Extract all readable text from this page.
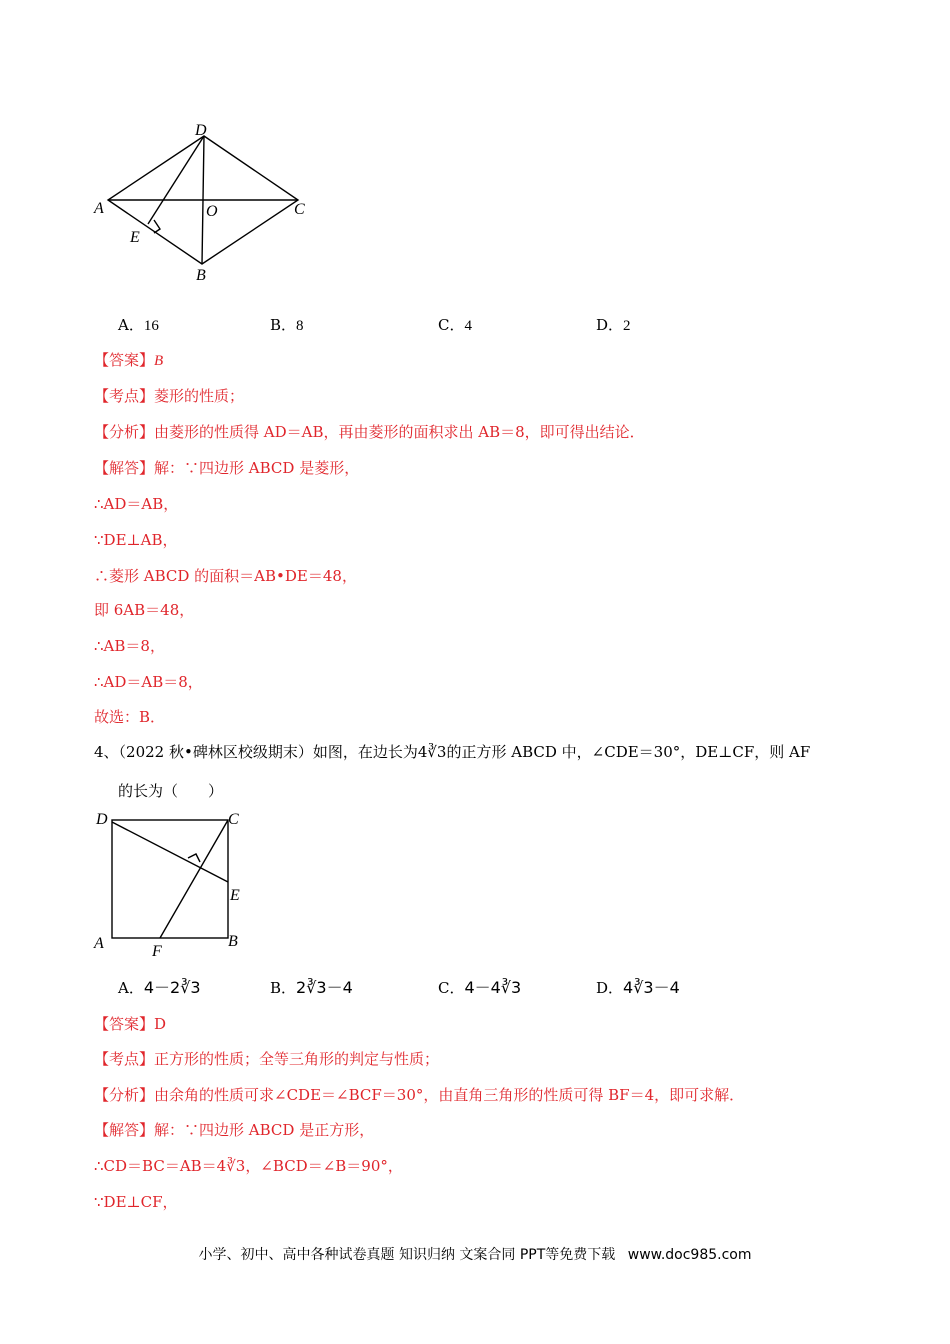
D
A	O	C
E
B
A．16	B．8	C．4	D．2
【答案】B
【考点】菱形的性质；
【分析】由菱形的性质得 AD＝AB，再由菱形的面积求出 AB＝8，即可得出结论．
【解答】解：∵四边形 ABCD 是菱形，
∴AD＝AB，
∵DE⊥AB，
∴菱形 ABCD 的面积＝AB•DE＝48，
即 6AB＝48，
∴AB＝8，
∴AD＝AB＝8，
故选：B．
4、（2022 秋•碑林区校级期末）如图，在边长为4∛3的正方形 ABCD 中，∠CDE＝30°，DE⊥CF，则 AF
的长为（　　）
D	C
E
A	F
B
A．4－2∛3	B．2∛3－4	C．4－4∛3	D．4∛3－4
【答案】D
【考点】正方形的性质；全等三角形的判定与性质；
【分析】由余角的性质可求∠CDE＝∠BCF＝30°，由直角三角形的性质可得 BF＝4，即可求解．
【解答】解：∵四边形 ABCD 是正方形，
∴CD＝BC＝AB＝4∛3，∠BCD＝∠B＝90°，
∵DE⊥CF，
小学、初中、高中各种试卷真题 知识归纳 文案合同 PPT等免费下载 www.doc985.com
